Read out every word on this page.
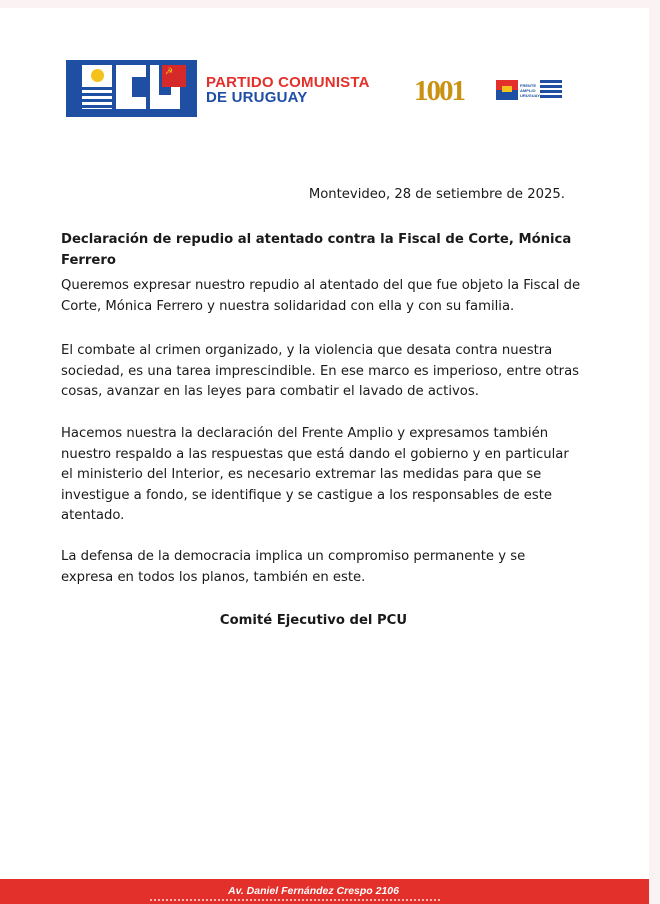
☭
PARTIDO COMUNISTA
DE URUGUAY	1001	FRENTE AMPLIO URUGUAY
Montevideo, 28 de setiembre de 2025.
Declaración de repudio al atentado contra la Fiscal de Corte, Mónica Ferrero
Queremos expresar nuestro repudio al atentado del que fue objeto la Fiscal de Corte, Mónica Ferrero y nuestra solidaridad con ella y con su familia.
El combate al crimen organizado, y la violencia que desata contra nuestra sociedad, es una tarea imprescindible. En ese marco es imperioso, entre otras cosas, avanzar en las leyes para combatir el lavado de activos.
Hacemos nuestra la declaración del Frente Amplio y expresamos también nuestro respaldo a las respuestas que está dando el gobierno y en particular el ministerio del Interior, es necesario extremar las medidas para que se investigue a fondo, se identifique y se castigue a los responsables de este atentado.
La defensa de la democracia implica un compromiso permanente y se expresa en todos los planos, también en este.
Comité Ejecutivo del PCU
Av. Daniel Fernández Crespo 2106
